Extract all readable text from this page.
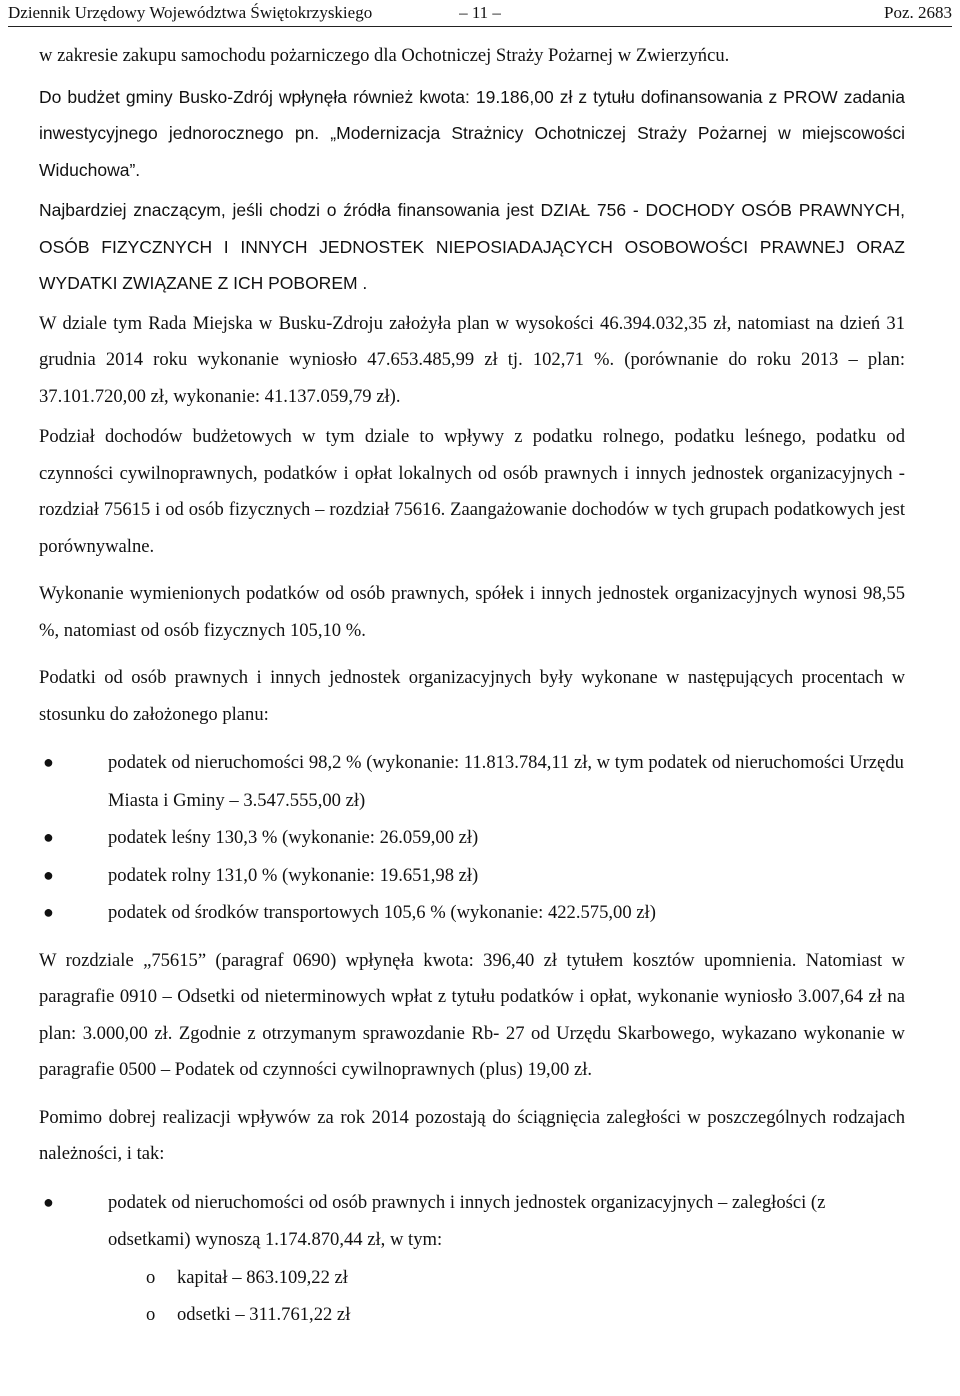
Dziennik Urzędowy Województwa Świętokrzyskiego	– 11 –	Poz. 2683

w zakresie zakupu samochodu pożarniczego dla Ochotniczej Straży Pożarnej w Zwierzyńcu.

Do budżet gminy Busko-Zdrój wpłynęła również kwota: 19.186,00 zł z tytułu dofinansowania z PROW zadania inwestycyjnego jednorocznego pn. „Modernizacja Strażnicy Ochotniczej Straży Pożarnej w miejscowości Widuchowa”.

Najbardziej znaczącym, jeśli chodzi o źródła finansowania jest DZIAŁ 756 - DOCHODY OSÓB PRAWNYCH, OSÓB FIZYCZNYCH I INNYCH JEDNOSTEK NIEPOSIADAJĄCYCH OSOBOWOŚCI PRAWNEJ ORAZ WYDATKI ZWIĄZANE Z ICH POBOREM .

W dziale tym Rada Miejska w Busku-Zdroju założyła plan w wysokości 46.394.032,35 zł, natomiast na dzień 31 grudnia 2014 roku wykonanie wyniosło 47.653.485,99 zł tj. 102,71 %. (porównanie do roku 2013 – plan: 37.101.720,00 zł, wykonanie: 41.137.059,79 zł).

Podział dochodów budżetowych w tym dziale to wpływy z podatku rolnego, podatku leśnego, podatku od czynności cywilnoprawnych, podatków i opłat lokalnych od osób prawnych i innych jednostek organizacyjnych - rozdział 75615 i od osób fizycznych – rozdział 75616. Zaangażowanie dochodów w tych grupach podatkowych jest porównywalne.

Wykonanie wymienionych podatków od osób prawnych, spółek i innych jednostek organizacyjnych wynosi 98,55 %, natomiast od osób fizycznych 105,10 %.

Podatki od osób prawnych i innych jednostek organizacyjnych były wykonane w następujących procentach w stosunku do założonego planu:

●	podatek od nieruchomości 98,2 % (wykonanie: 11.813.784,11 zł, w tym podatek od nieruchomości Urzędu Miasta i Gminy – 3.547.555,00 zł)
●	podatek leśny 130,3 % (wykonanie: 26.059,00 zł)
●	podatek rolny 131,0 % (wykonanie: 19.651,98 zł)
●	podatek od środków transportowych 105,6 % (wykonanie: 422.575,00 zł)

W rozdziale „75615” (paragraf 0690) wpłynęła kwota: 396,40 zł tytułem kosztów upomnienia. Natomiast w paragrafie 0910 – Odsetki od nieterminowych wpłat z tytułu podatków i opłat, wykonanie wyniosło 3.007,64 zł na plan: 3.000,00 zł. Zgodnie z otrzymanym sprawozdanie Rb- 27 od Urzędu Skarbowego, wykazano wykonanie w paragrafie 0500 – Podatek od czynności cywilnoprawnych (plus) 19,00 zł.

Pomimo dobrej realizacji wpływów za rok 2014 pozostają do ściągnięcia zaległości w poszczególnych rodzajach należności, i tak:

●	podatek od nieruchomości od osób prawnych i innych jednostek organizacyjnych – zaległości (z odsetkami) wynoszą 1.174.870,44 zł, w tym:
o kapitał – 863.109,22 zł
o odsetki – 311.761,22 zł
